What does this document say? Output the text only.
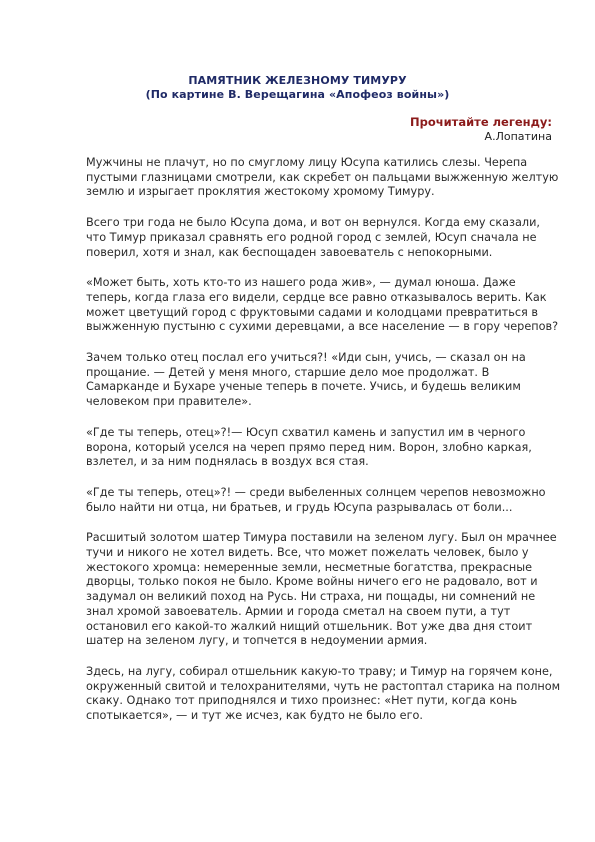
ПАМЯТНИК ЖЕЛЕЗНОМУ ТИМУРУ
(По картине В. Верещагина «Апофеоз войны»)
Прочитайте легенду:
А.Лопатина

Мужчины не плачут, но по смуглому лицу Юсупа катились слезы. Черепа пустыми глазницами смотрели, как скребет он пальцами выжженную желтую землю и изрыгает проклятия жестокому хромому Тимуру.

Всего три года не было Юсупа дома, и вот он вернулся. Когда ему сказали, что Тимур приказал сравнять его родной город с землей, Юсуп сначала не поверил, хотя и знал, как беспощаден завоеватель с непокорными.

«Может быть, хоть кто-то из нашего рода жив», — думал юноша. Даже теперь, когда глаза его видели, сердце все равно отказывалось верить. Как может цветущий город с фруктовыми садами и колодцами превратиться в выжженную пустыню с сухими деревцами, а все население — в гору черепов?

Зачем только отец послал его учиться?! «Иди сын, учись, — сказал он на прощание. — Детей у меня много, старшие дело мое продолжат. В Самарканде и Бухаре ученые теперь в почете. Учись, и будешь великим человеком при правителе».

«Где ты теперь, отец»?!— Юсуп схватил камень и запустил им в черного ворона, который уселся на череп прямо перед ним. Ворон, злобно каркая, взлетел, и за ним поднялась в воздух вся стая.

«Где ты теперь, отец»?! — среди выбеленных солнцем черепов невозможно было найти ни отца, ни братьев, и грудь Юсупа разрывалась от боли...

Расшитый золотом шатер Тимура поставили на зеленом лугу. Был он мрачнее тучи и никого не хотел видеть. Все, что может пожелать человек, было у жестокого хромца: немеренные земли, несметные богатства, прекрасные дворцы, только покоя не было. Кроме войны ничего его не радовало, вот и задумал он великий поход на Русь. Ни страха, ни пощады, ни сомнений не знал хромой завоеватель. Армии и города сметал на своем пути, а тут остановил его какой-то жалкий нищий отшельник. Вот уже два дня стоит шатер на зеленом лугу, и топчется в недоумении армия.

Здесь, на лугу, собирал отшельник какую-то траву; и Тимур на горячем коне, окруженный свитой и телохранителями, чуть не растоптал старика на полном скаку. Однако тот приподнялся и тихо произнес: «Нет пути, когда конь спотыкается», — и тут же исчез, как будто не было его.
